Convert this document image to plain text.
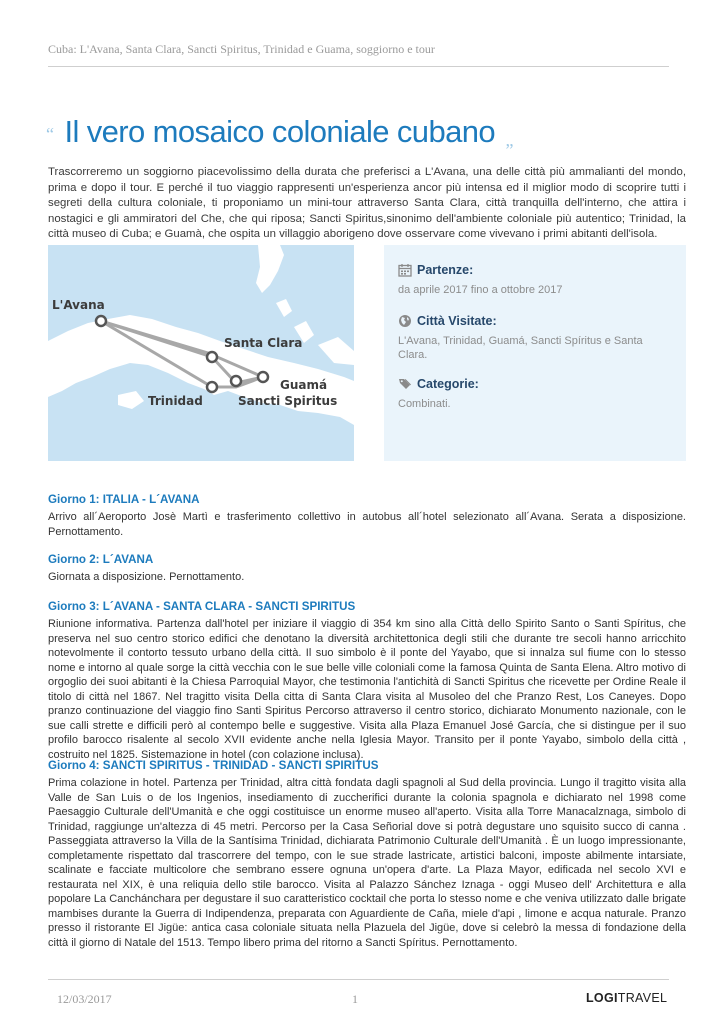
Cuba: L'Avana, Santa Clara, Sancti Spiritus, Trinidad e Guama, soggiorno e tour
“ Il vero mosaico coloniale cubano „
Trascorreremo un soggiorno piacevolissimo della durata che preferisci a L'Avana, una delle città più ammalianti del mondo, prima e dopo il tour. E perché il tuo viaggio rappresenti un'esperienza ancor più intensa ed il miglior modo di scoprire tutti i segreti della cultura coloniale, ti proponiamo un mini-tour attraverso Santa Clara, città tranquilla dell'interno, che attira i nostagici e gli ammiratori del Che, che qui riposa; Sancti Spiritus,sinonimo dell'ambiente coloniale più autentico; Trinidad, la città museo di Cuba; e Guamà, che ospita un villaggio aborigeno dove osservare come vivevano i primi abitanti dell'isola.
L'Avana
Santa Clara
Guamá
Trinidad	Sancti Spiritus
Partenze:
da aprile 2017 fino a ottobre 2017
Città Visitate:
L'Avana, Trinidad, Guamá, Sancti Spíritus e Santa Clara.
Categorie:
Combinati.
Giorno 1: ITALIA - L´AVANA
Arrivo all´Aeroporto Josè Martì e trasferimento collettivo in autobus all´hotel selezionato all´Avana. Serata a disposizione. Pernottamento.
Giorno 2: L´AVANA
Giornata a disposizione. Pernottamento.
Giorno 3: L´AVANA - SANTA CLARA - SANCTI SPIRITUS
Riunione informativa. Partenza dall'hotel per iniziare il viaggio di 354 km sino alla Città dello Spirito Santo o Santi Spíritus, che preserva nel suo centro storico edifici che denotano la diversità architettonica degli stili che durante tre secoli hanno arricchito notevolmente il contorto tessuto urbano della città. Il suo simbolo è il ponte del Yayabo, que si innalza sul fiume con lo stesso nome e intorno al quale sorge la città vecchia con le sue belle ville coloniali come la famosa Quinta de Santa Elena. Altro motivo di orgoglio dei suoi abitanti è la Chiesa Parroquial Mayor, che testimonia l'antichità di Sancti Spiritus che ricevette per Ordine Reale il titolo di città nel 1867. Nel tragitto visita Della citta di Santa Clara visita al Musoleo del che Pranzo Rest, Los Caneyes. Dopo pranzo continuazione del viaggio fino Santi Spiritus Percorso attraverso il centro storico, dichiarato Monumento nazionale, con le sue calli strette e difficili però al contempo belle e suggestive. Visita alla Plaza Emanuel José García, che si distingue per il suo profilo barocco risalente al secolo XVII evidente anche nella Iglesia Mayor. Transito per il ponte Yayabo, simbolo della città , costruito nel 1825. Sistemazione in hotel (con colazione inclusa).
Giorno 4: SANCTI SPIRITUS - TRINIDAD - SANCTI SPIRITUS
Prima colazione in hotel. Partenza per Trinidad, altra città fondata dagli spagnoli al Sud della provincia. Lungo il tragitto visita alla Valle de San Luis o de los Ingenios, insediamento di zuccherifici durante la colonia spagnola e dichiarato nel 1998 come Paesaggio Culturale dell'Umanità e che oggi costituisce un enorme museo all'aperto. Visita alla Torre Manacalznaga, simbolo di Trinidad, raggiunge un'altezza di 45 metri. Percorso per la Casa Señorial dove si potrà degustare uno squisito succo di canna . Passeggiata attraverso la Villa de la Santísima Trinidad, dichiarata Patrimonio Culturale dell'Umanità . È un luogo impressionante, completamente rispettato dal trascorrere del tempo, con le sue strade lastricate, artistici balconi, imposte abilmente intarsiate, scalinate e facciate multicolore che sembrano essere ognuna un'opera d'arte. La Plaza Mayor, edificada nel secolo XVI e restaurata nel XIX, è una reliquia dello stile barocco. Visita al Palazzo Sánchez Iznaga - oggi Museo dell' Architettura e alla popolare La Canchánchara per degustare il suo caratteristico cocktail che porta lo stesso nome e che veniva utilizzato dalle brigate mambises durante la Guerra di Indipendenza, preparata con Aguardiente de Caña, miele d'api , limone e acqua naturale. Pranzo presso il ristorante El Jigüe: antica casa coloniale situata nella Plazuela del Jigüe, dove si celebrò la messa di fondazione della città il giorno di Natale del 1513. Tempo libero prima del ritorno a Sancti Spíritus. Pernottamento.
12/03/2017	1	LOGITRAVEL
